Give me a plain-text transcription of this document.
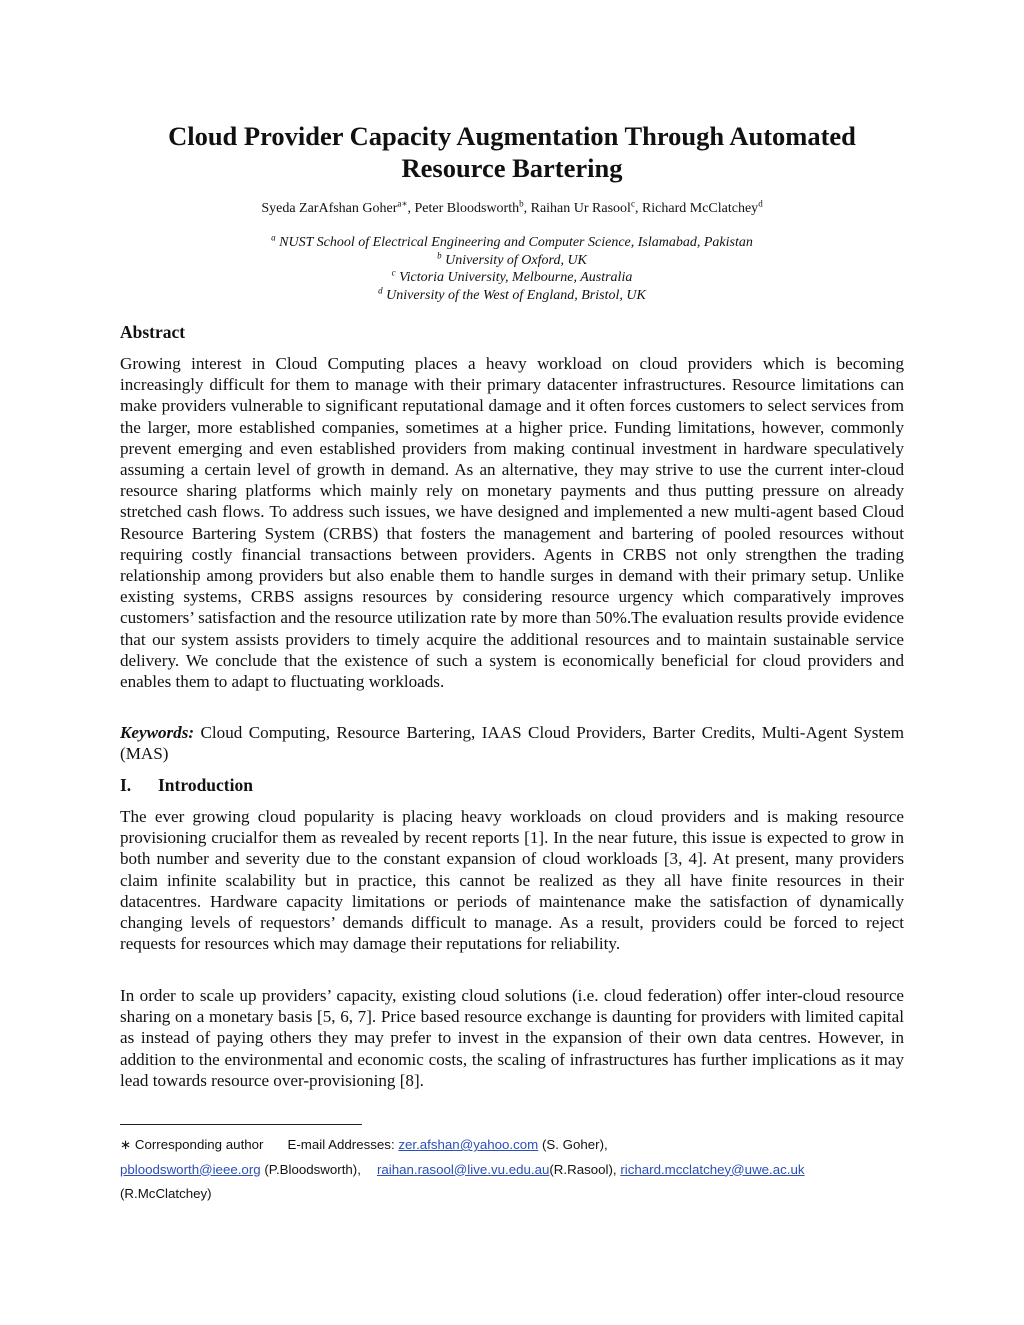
Cloud Provider Capacity Augmentation Through Automated
Resource Bartering
Syeda ZarAfshan Goher$^{a∗}$, Peter Bloodsworth$^b$, Raihan Ur Rasool$^c$, Richard McClatchey$^d$
$^a$ NUST School of Electrical Engineering and Computer Science, Islamabad, Pakistan
$^b$ University of Oxford, UK
$^c$ Victoria University, Melbourne, Australia
$^d$ University of the West of England, Bristol, UK
Abstract

Growing interest in Cloud Computing places a heavy workload on cloud providers which is becoming increasingly difficult for them to manage with their primary datacenter infrastructures. Resource limitations can make providers vulnerable to significant reputational damage and it often forces customers to select services from the larger, more established companies, sometimes at a higher price. Funding limitations, however, commonly prevent emerging and even established providers from making continual investment in hardware speculatively assuming a certain level of growth in demand. As an alternative, they may strive to use the current inter-cloud resource sharing platforms which mainly rely on monetary payments and thus putting pressure on already stretched cash flows. To address such issues, we have designed and implemented a new multi-agent based Cloud Resource Bartering System (CRBS) that fosters the management and bartering of pooled resources without requiring costly financial transactions between providers. Agents in CRBS not only strengthen the trading relationship among providers but also enable them to handle surges in demand with their primary setup. Unlike existing systems, CRBS assigns resources by considering resource urgency which comparatively improves customers’ satisfaction and the resource utilization rate by more than 50%.The evaluation results provide evidence that our system assists providers to timely acquire the additional resources and to maintain sustainable service delivery. We conclude that the existence of such a system is economically beneficial for cloud providers and enables them to adapt to fluctuating workloads.

Keywords: Cloud Computing, Resource Bartering, IAAS Cloud Providers, Barter Credits, Multi-Agent System (MAS)

I. Introduction

The ever growing cloud popularity is placing heavy workloads on cloud providers and is making resource provisioning crucialfor them as revealed by recent reports [1]. In the near future, this issue is expected to grow in both number and severity due to the constant expansion of cloud workloads [3, 4]. At present, many providers claim infinite scalability but in practice, this cannot be realized as they all have finite resources in their datacentres. Hardware capacity limitations or periods of maintenance make the satisfaction of dynamically changing levels of requestors’ demands difficult to manage. As a result, providers could be forced to reject requests for resources which may damage their reputations for reliability.

In order to scale up providers’ capacity, existing cloud solutions (i.e. cloud federation) offer inter-cloud resource sharing on a monetary basis [5, 6, 7]. Price based resource exchange is daunting for providers with limited capital as instead of paying others they may prefer to invest in the expansion of their own data centres. However, in addition to the environmental and economic costs, the scaling of infrastructures has further implications as it may lead towards resource over-provisioning [8].

∗ Corresponding author E-mail Addresses: zer.afshan@yahoo.com (S. Goher),
pbloodsworth@ieee.org (P.Bloodsworth), raihan.rasool@live.vu.edu.au(R.Rasool), richard.mcclatchey@uwe.ac.uk
(R.McClatchey)
